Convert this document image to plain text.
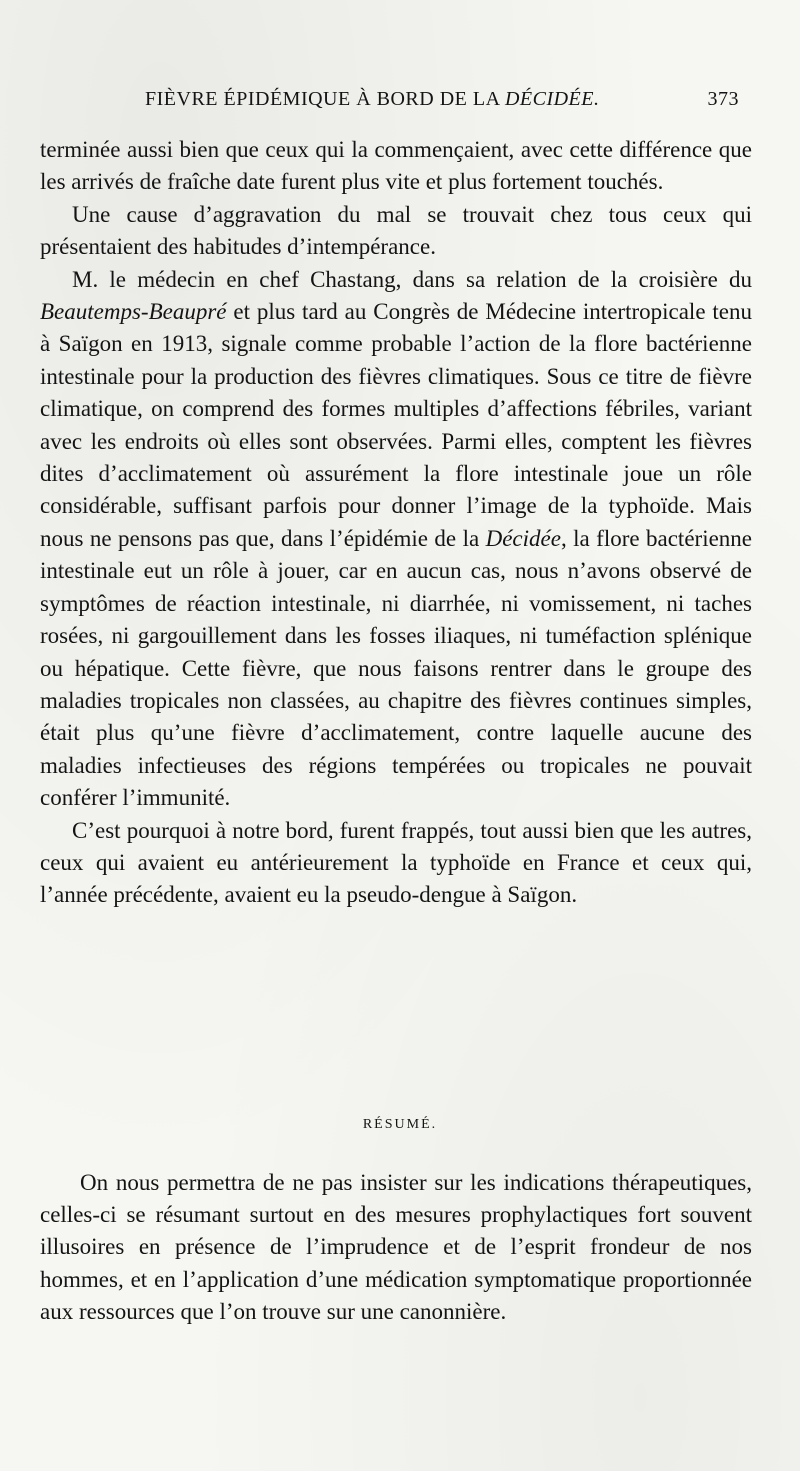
FIÈVRE ÉPIDÉMIQUE À BORD DE LA DÉCIDÉE.	373

terminée aussi bien que ceux qui la commençaient, avec cette différence que les arrivés de fraîche date furent plus vite et plus fortement touchés.

Une cause d’aggravation du mal se trouvait chez tous ceux qui présentaient des habitudes d’intempérance.

M. le médecin en chef Chastang, dans sa relation de la croisière du Beautemps-Beaupré et plus tard au Congrès de Médecine intertropicale tenu à Saïgon en 1913, signale comme probable l’action de la flore bactérienne intestinale pour la production des fièvres climatiques. Sous ce titre de fièvre climatique, on comprend des formes multiples d’affections fébriles, variant avec les endroits où elles sont observées. Parmi elles, comptent les fièvres dites d’acclimatement où assurément la flore intestinale joue un rôle considérable, suffisant parfois pour donner l’image de la typhoïde. Mais nous ne pensons pas que, dans l’épidémie de la Décidée, la flore bactérienne intestinale eut un rôle à jouer, car en aucun cas, nous n’avons observé de symptômes de réaction intestinale, ni diarrhée, ni vomissement, ni taches rosées, ni gargouillement dans les fosses iliaques, ni tuméfaction splénique ou hépatique. Cette fièvre, que nous faisons rentrer dans le groupe des maladies tropicales non classées, au chapitre des fièvres continues simples, était plus qu’une fièvre d’acclimatement, contre laquelle aucune des maladies infectieuses des régions tempérées ou tropicales ne pouvait conférer l’immunité.

C’est pourquoi à notre bord, furent frappés, tout aussi bien que les autres, ceux qui avaient eu antérieurement la typhoïde en France et ceux qui, l’année précédente, avaient eu la pseudo-dengue à Saïgon.

RÉSUMÉ.

On nous permettra de ne pas insister sur les indications thérapeutiques, celles-ci se résumant surtout en des mesures prophylactiques fort souvent illusoires en présence de l’imprudence et de l’esprit frondeur de nos hommes, et en l’application d’une médication symptomatique proportionnée aux ressources que l’on trouve sur une canonnière.
